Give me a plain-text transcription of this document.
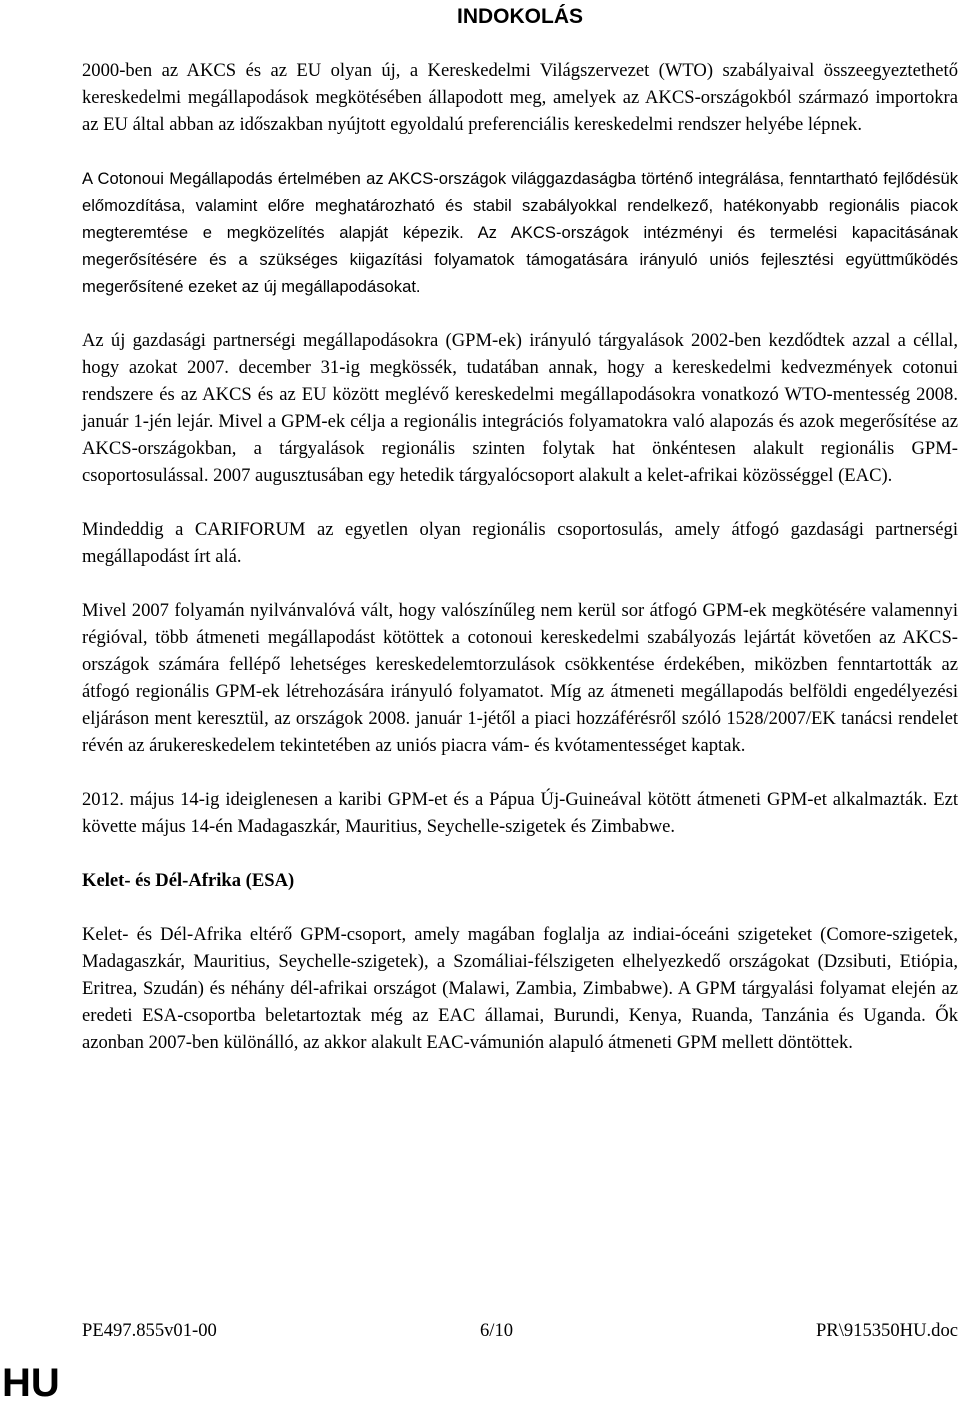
INDOKOLÁS

2000-ben az AKCS és az EU olyan új, a Kereskedelmi Világszervezet (WTO) szabályaival összeegyeztethető kereskedelmi megállapodások megkötésében állapodott meg, amelyek az AKCS-országokból származó importokra az EU által abban az időszakban nyújtott egyoldalú preferenciális kereskedelmi rendszer helyébe lépnek.

A Cotonoui Megállapodás értelmében az AKCS-országok világgazdaságba történő integrálása, fenntartható fejlődésük előmozdítása, valamint előre meghatározható és stabil szabályokkal rendelkező, hatékonyabb regionális piacok megteremtése e megközelítés alapját képezik. Az AKCS-országok intézményi és termelési kapacitásának megerősítésére és a szükséges kiigazítási folyamatok támogatására irányuló uniós fejlesztési együttműködés megerősítené ezeket az új megállapodásokat.

Az új gazdasági partnerségi megállapodásokra (GPM-ek) irányuló tárgyalások 2002-ben kezdődtek azzal a céllal, hogy azokat 2007. december 31-ig megkössék, tudatában annak, hogy a kereskedelmi kedvezmények cotonui rendszere és az AKCS és az EU között meglévő kereskedelmi megállapodásokra vonatkozó WTO-mentesség 2008. január 1-jén lejár. Mivel a GPM-ek célja a regionális integrációs folyamatokra való alapozás és azok megerősítése az AKCS-országokban, a tárgyalások regionális szinten folytak hat önkéntesen alakult regionális GPM-csoportosulással. 2007 augusztusában egy hetedik tárgyalócsoport alakult a kelet-afrikai közösséggel (EAC).

Mindeddig a CARIFORUM az egyetlen olyan regionális csoportosulás, amely átfogó gazdasági partnerségi megállapodást írt alá.

Mivel 2007 folyamán nyilvánvalóvá vált, hogy valószínűleg nem kerül sor átfogó GPM-ek megkötésére valamennyi régióval, több átmeneti megállapodást kötöttek a cotonoui kereskedelmi szabályozás lejártát követően az AKCS-országok számára fellépő lehetséges kereskedelemtorzulások csökkentése érdekében, miközben fenntartották az átfogó regionális GPM-ek létrehozására irányuló folyamatot. Míg az átmeneti megállapodás belföldi engedélyezési eljáráson ment keresztül, az országok 2008. január 1-jétől a piaci hozzáférésről szóló 1528/2007/EK tanácsi rendelet révén az árukereskedelem tekintetében az uniós piacra vám- és kvótamentességet kaptak.

2012. május 14-ig ideiglenesen a karibi GPM-et és a Pápua Új-Guineával kötött átmeneti GPM-et alkalmazták. Ezt követte május 14-én Madagaszkár, Mauritius, Seychelle-szigetek és Zimbabwe.

Kelet- és Dél-Afrika (ESA)

Kelet- és Dél-Afrika eltérő GPM-csoport, amely magában foglalja az indiai-óceáni szigeteket (Comore-szigetek, Madagaszkár, Mauritius, Seychelle-szigetek), a Szomáliai-félszigeten elhelyezkedő országokat (Dzsibuti, Etiópia, Eritrea, Szudán) és néhány dél-afrikai országot (Malawi, Zambia, Zimbabwe). A GPM tárgyalási folyamat elején az eredeti ESA-csoportba beletartoztak még az EAC államai, Burundi, Kenya, Ruanda, Tanzánia és Uganda. Ők azonban 2007-ben különálló, az akkor alakult EAC-vámunión alapuló átmeneti GPM mellett döntöttek.

PE497.855v01-00	6/10	PR\915350HU.doc
HU
